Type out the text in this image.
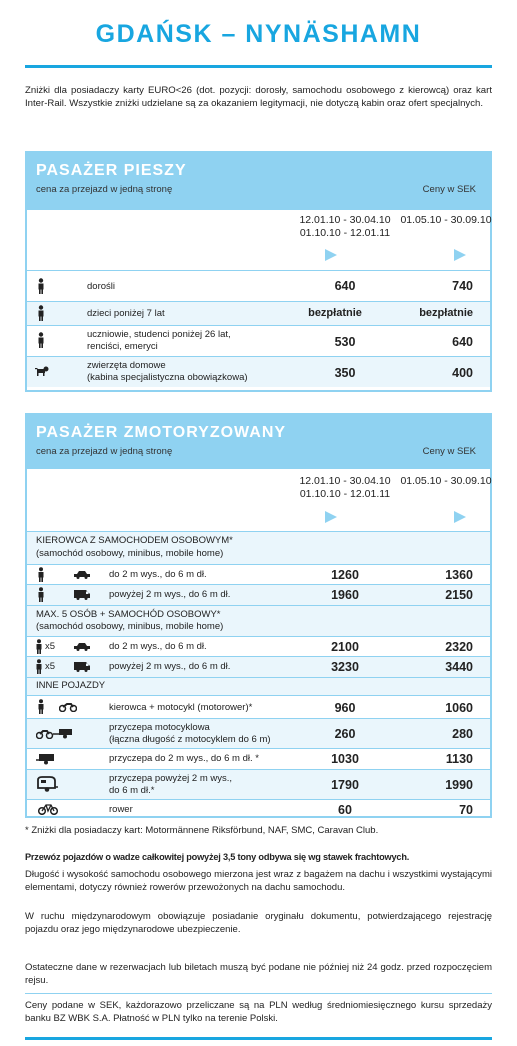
GDAŃSK – NYNÄSHAMN
Zniżki dla posiadaczy karty EURO<26 (dot. pozycji: dorosły, samochodu osobowego z kierowcą) oraz kart Inter-Rail. Wszystkie zniżki udzielane są za okazaniem legitymacji, nie dotyczą kabin oraz ofert specjalnych.
PASAŻER PIESZY
cena za przejazd w jedną stronę	Ceny w SEK
12.01.10 - 30.04.10
01.10.10 - 12.01.11
01.05.10 - 30.09.10
dorośli	640	740
dzieci poniżej 7 lat	bezpłatnie	bezpłatnie
uczniowie, studenci poniżej 26 lat,
renciści, emeryci	530	640
zwierzęta domowe
(kabina specjalistyczna obowiązkowa)	350	400
PASAŻER ZMOTORYZOWANY
cena za przejazd w jedną stronę	Ceny w SEK
12.01.10 - 30.04.10
01.10.10 - 12.01.11
01.05.10 - 30.09.10
KIEROWCA Z SAMOCHODEM OSOBOWYM*
(samochód osobowy, minibus, mobile home)
do 2 m wys., do 6 m dł.	1260	1360
powyżej 2 m wys., do 6 m dł.	1960	2150
MAX. 5 OSÓB + SAMOCHÓD OSOBOWY*
(samochód osobowy, minibus, mobile home)
x5	do 2 m wys., do 6 m dł.	2100	2320
x5	powyżej 2 m wys., do 6 m dł.	3230	3440
INNE POJAZDY
kierowca + motocykl (motorower)*	960	1060
przyczepa motocyklowa
(łączna długość z motocyklem do 6 m)	260	280
przyczepa do 2 m wys., do 6 m dł. *	1030	1130
przyczepa powyżej 2 m wys.,
do 6 m dł.*	1790	1990
rower	60	70
* Zniżki dla posiadaczy kart: Motormännene Riksförbund, NAF, SMC, Caravan Club.
Przewóz pojazdów o wadze całkowitej powyżej 3,5 tony odbywa się wg stawek frachtowych.
Długość i wysokość samochodu osobowego mierzona jest wraz z bagażem na dachu i wszystkimi wystającymi elementami, dotyczy również rowerów przewożonych na dachu samochodu.
W ruchu międzynarodowym obowiązuje posiadanie oryginału dokumentu, potwierdzającego rejestrację pojazdu oraz jego międzynarodowe ubezpieczenie.
Ostateczne dane w rezerwacjach lub biletach muszą być podane nie później niż 24 godz. przed rozpoczęciem rejsu.
Ceny podane w SEK, każdorazowo przeliczane są na PLN według średniomiesięcznego kursu sprzedaży banku BZ WBK S.A. Płatność w PLN tylko na terenie Polski.
